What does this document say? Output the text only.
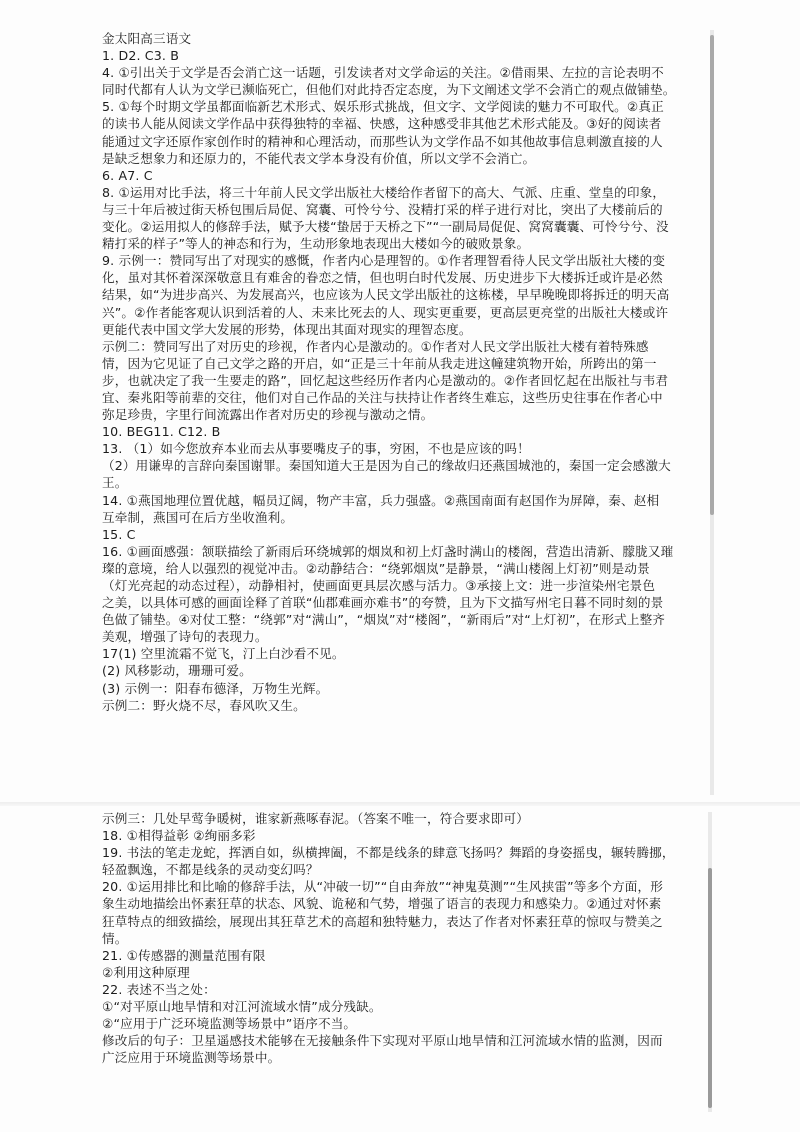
金太阳高三语文
1. D2. C3. B
4. ①引出关于文学是否会消亡这一话题，引发读者对文学命运的关注。②借雨果、左拉的言论表明不
同时代都有人认为文学已濒临死亡，但他们对此持否定态度，为下文阐述文学不会消亡的观点做铺垫。
5. ①每个时期文学虽都面临新艺术形式、娱乐形式挑战，但文字、文学阅读的魅力不可取代。②真正
的读书人能从阅读文学作品中获得独特的幸福、快感，这种感受非其他艺术形式能及。③好的阅读者
能通过文字还原作家创作时的精神和心理活动，而那些认为文学作品不如其他故事信息刺激直接的人
是缺乏想象力和还原力的，不能代表文学本身没有价值，所以文学不会消亡。
6. A7. C
8. ①运用对比手法，将三十年前人民文学出版社大楼给作者留下的高大、气派、庄重、堂皇的印象，
与三十年后被过街天桥包围后局促、窝囊、可怜兮兮、没精打采的样子进行对比，突出了大楼前后的
变化。②运用拟人的修辞手法，赋予大楼“蛰居于天桥之下”“一副局局促促、窝窝囊囊、可怜兮兮、没
精打采的样子”等人的神态和行为，生动形象地表现出大楼如今的破败景象。
9. 示例一：赞同写出了对现实的感慨，作者内心是理智的。①作者理智看待人民文学出版社大楼的变
化，虽对其怀着深深敬意且有难舍的眷恋之情，但也明白时代发展、历史进步下大楼拆迁或许是必然
结果，如“为进步高兴、为发展高兴，也应该为人民文学出版社的这栋楼，早早晚晚即将拆迁的明天高
兴”。②作者能客观认识到活着的人、未来比死去的人、现实更重要，更高层更亮堂的出版社大楼或许
更能代表中国文学大发展的形势，体现出其面对现实的理智态度。
示例二：赞同写出了对历史的珍视，作者内心是激动的。①作者对人民文学出版社大楼有着特殊感
情，因为它见证了自己文学之路的开启，如“正是三十年前从我走进这幢建筑物开始，所跨出的第一
步，也就决定了我一生要走的路”，回忆起这些经历作者内心是激动的。②作者回忆起在出版社与韦君
宜、秦兆阳等前辈的交往，他们对自己作品的关注与扶持让作者终生难忘，这些历史往事在作者心中
弥足珍贵，字里行间流露出作者对历史的珍视与激动之情。
10. BEG11. C12. B
13. （1）如今您放弃本业而去从事要嘴皮子的事，穷困，不也是应该的吗！
（2）用谦卑的言辞向秦国谢罪。秦国知道大王是因为自己的缘故归还燕国城池的，秦国一定会感激大
王。
14. ①燕国地理位置优越，幅员辽阔，物产丰富，兵力强盛。②燕国南面有赵国作为屏障，秦、赵相
互牵制，燕国可在后方坐收渔利。
15. C
16. ①画面感强：颔联描绘了新雨后环绕城郭的烟岚和初上灯盏时满山的楼阁，营造出清新、朦胧又璀
璨的意境，给人以强烈的视觉冲击。②动静结合：“绕郭烟岚”是静景，“满山楼阁上灯初”则是动景
（灯光亮起的动态过程），动静相衬，使画面更具层次感与活力。③承接上文：进一步渲染州宅景色
之美，以具体可感的画面诠释了首联“仙郡难画亦难书”的夸赞，且为下文描写州宅日暮不同时刻的景
色做了铺垫。④对仗工整：“绕郭”对“满山”，“烟岚”对“楼阁”，“新雨后”对“上灯初”，在形式上整齐
美观，增强了诗句的表现力。
17(1) 空里流霜不觉飞，汀上白沙看不见。
(2) 风移影动，珊珊可爱。
(3) 示例一：阳春布德泽，万物生光辉。
示例二：野火烧不尽，春风吹又生。
示例三：几处早莺争暖树，谁家新燕啄春泥。（答案不唯一，符合要求即可）
18. ①相得益彰 ②绚丽多彩
19. 书法的笔走龙蛇，挥洒自如，纵横捭阖，不都是线条的肆意飞扬吗？舞蹈的身姿摇曳，辗转腾挪，
轻盈飘逸，不都是线条的灵动变幻吗？
20. ①运用排比和比喻的修辞手法，从“冲破一切”“自由奔放”“神鬼莫测”“生风挟雷”等多个方面，形
象生动地描绘出怀素狂草的状态、风貌、诡秘和气势，增强了语言的表现力和感染力。②通过对怀素
狂草特点的细致描绘，展现出其狂草艺术的高超和独特魅力，表达了作者对怀素狂草的惊叹与赞美之
情。
21. ①传感器的测量范围有限
②利用这种原理
22. 表述不当之处：
①“对平原山地旱情和对江河流域水情”成分残缺。
②“应用于广泛环境监测等场景中”语序不当。
修改后的句子：卫星遥感技术能够在无接触条件下实现对平原山地旱情和江河流域水情的监测，因而
广泛应用于环境监测等场景中。
